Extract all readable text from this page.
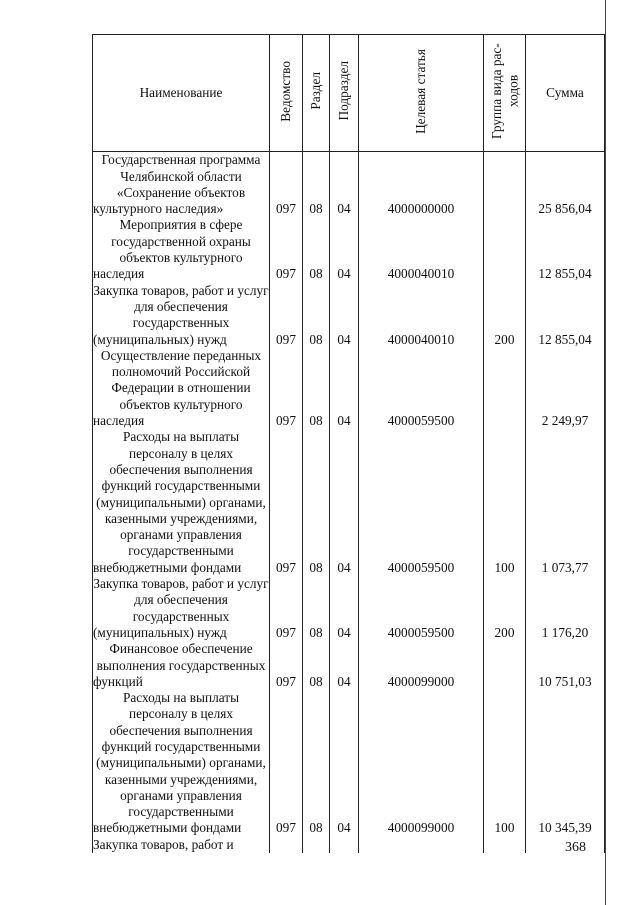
Наименование	Ведомство	Раздел	Подраздел	Целевая статья	Группа вида рас-ходов	Сумма
Государственная программа Челябинской области «Сохранение объектов культурного наследия»	097	08	04	4000000000		25 856,04
Мероприятия в сфере государственной охраны объектов культурного наследия	097	08	04	4000040010		12 855,04
Закупка товаров, работ и услуг для обеспечения государственных (муниципальных) нужд	097	08	04	4000040010	200	12 855,04
Осуществление переданных полномочий Российской Федерации в отношении объектов культурного наследия	097	08	04	4000059500		2 249,97
Расходы на выплаты персоналу в целях обеспечения выполнения функций государственными (муниципальными) органами, казенными учреждениями, органами управления государственными внебюджетными фондами	097	08	04	4000059500	100	1 073,77
Закупка товаров, работ и услуг для обеспечения государственных (муниципальных) нужд	097	08	04	4000059500	200	1 176,20
Финансовое обеспечение выполнения государственных функций	097	08	04	4000099000		10 751,03
Расходы на выплаты персоналу в целях обеспечения выполнения функций государственными (муниципальными) органами, казенными учреждениями, органами управления государственными внебюджетными фондами	097	08	04	4000099000	100	10 345,39
Закупка товаров, работ и							368
